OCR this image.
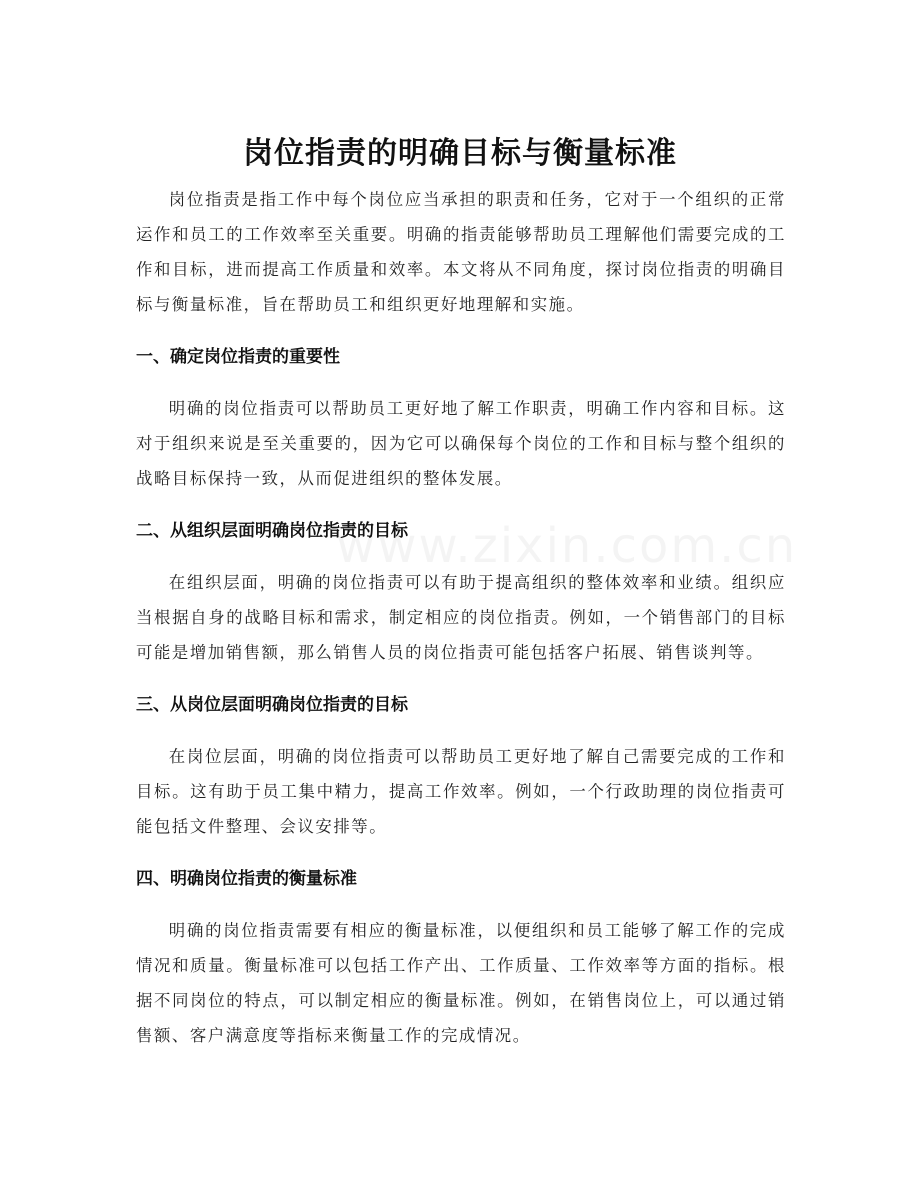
岗位指责的明确目标与衡量标准

岗位指责是指工作中每个岗位应当承担的职责和任务，它对于一个组织的正常运作和员工的工作效率至关重要。明确的指责能够帮助员工理解他们需要完成的工作和目标，进而提高工作质量和效率。本文将从不同角度，探讨岗位指责的明确目标与衡量标准，旨在帮助员工和组织更好地理解和实施。

一、确定岗位指责的重要性

明确的岗位指责可以帮助员工更好地了解工作职责，明确工作内容和目标。这对于组织来说是至关重要的，因为它可以确保每个岗位的工作和目标与整个组织的战略目标保持一致，从而促进组织的整体发展。

二、从组织层面明确岗位指责的目标

在组织层面，明确的岗位指责可以有助于提高组织的整体效率和业绩。组织应当根据自身的战略目标和需求，制定相应的岗位指责。例如，一个销售部门的目标可能是增加销售额，那么销售人员的岗位指责可能包括客户拓展、销售谈判等。

三、从岗位层面明确岗位指责的目标

在岗位层面，明确的岗位指责可以帮助员工更好地了解自己需要完成的工作和目标。这有助于员工集中精力，提高工作效率。例如，一个行政助理的岗位指责可能包括文件整理、会议安排等。

四、明确岗位指责的衡量标准

明确的岗位指责需要有相应的衡量标准，以便组织和员工能够了解工作的完成情况和质量。衡量标准可以包括工作产出、工作质量、工作效率等方面的指标。根据不同岗位的特点，可以制定相应的衡量标准。例如，在销售岗位上，可以通过销售额、客户满意度等指标来衡量工作的完成情况。
